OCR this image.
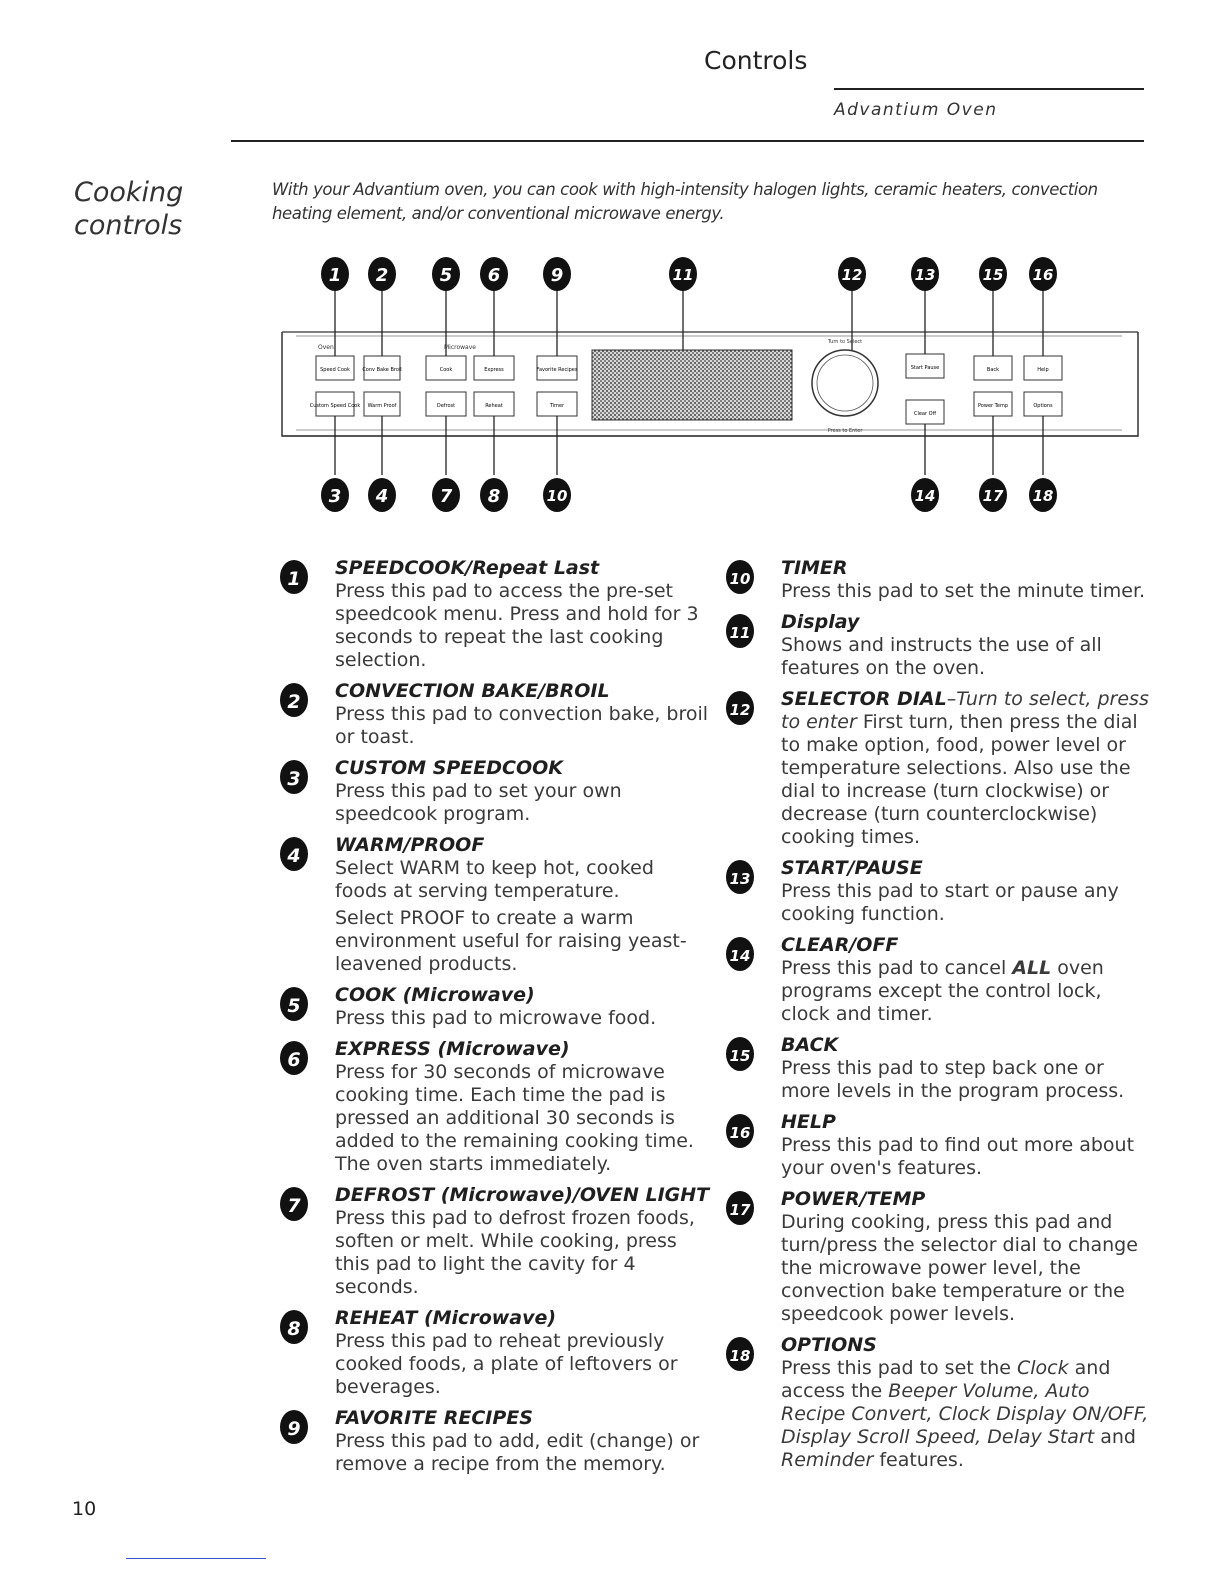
Controls
Advantium Oven
Cooking
controls
With your Advantium oven, you can cook with high-intensity halogen lights, ceramic heaters, convection heating element, and/or conventional microwave energy.
Oven	Microwave
Speed Cook Conv Bake Broil	Cook	Express	Favorite Recipes
Custom Speed Cook Warm Proof	Defrost	Reheat	Timer
Turn to Select
Press to Enter
Start Pause
Clear Off
Back	Help
Power Temp	Options
1 2	5 6	9	11	12	13	15 16
3 4	7 8	10	14	17 18
1 SPEEDCOOK/Repeat Last
Press this pad to access the pre-set speedcook menu. Press and hold for 3 seconds to repeat the last cooking selection.
2 CONVECTION BAKE/BROIL
Press this pad to convection bake, broil or toast.
3 CUSTOM SPEEDCOOK
Press this pad to set your own speedcook program.
4 WARM/PROOF

Select WARM to keep hot, cooked foods at serving temperature.

Select PROOF to create a warm environment useful for raising yeast-leavened products.

5 COOK (Microwave)
Press this pad to microwave food.
6 EXPRESS (Microwave)
Press for 30 seconds of microwave cooking time. Each time the pad is pressed an additional 30 seconds is added to the remaining cooking time. The oven starts immediately.
7 DEFROST (Microwave)/OVEN LIGHT
Press this pad to defrost frozen foods, soften or melt. While cooking, press this pad to light the cavity for 4 seconds.
8 REHEAT (Microwave)
Press this pad to reheat previously cooked foods, a plate of leftovers or beverages.
9 FAVORITE RECIPES
Press this pad to add, edit (change) or remove a recipe from the memory.
10 TIMER
Press this pad to set the minute timer.
11 Display
Shows and instructs the use of all features on the oven.
12 SELECTOR DIAL–Turn to select, press to enter First turn, then press the dial to make option, food, power level or temperature selections. Also use the dial to increase (turn clockwise) or decrease (turn counterclockwise) cooking times.
13 START/PAUSE
Press this pad to start or pause any cooking function.
14 CLEAR/OFF
Press this pad to cancel ALL oven programs except the control lock, clock and timer.
15 BACK
Press this pad to step back one or more levels in the program process.
16 HELP
Press this pad to find out more about your oven's features.
17 POWER/TEMP
During cooking, press this pad and turn/press the selector dial to change the microwave power level, the convection bake temperature or the speedcook power levels.
18 OPTIONS
Press this pad to set the Clock and access the Beeper Volume, Auto Recipe Convert, Clock Display ON/OFF, Display Scroll Speed, Delay Start and Reminder features.
10
